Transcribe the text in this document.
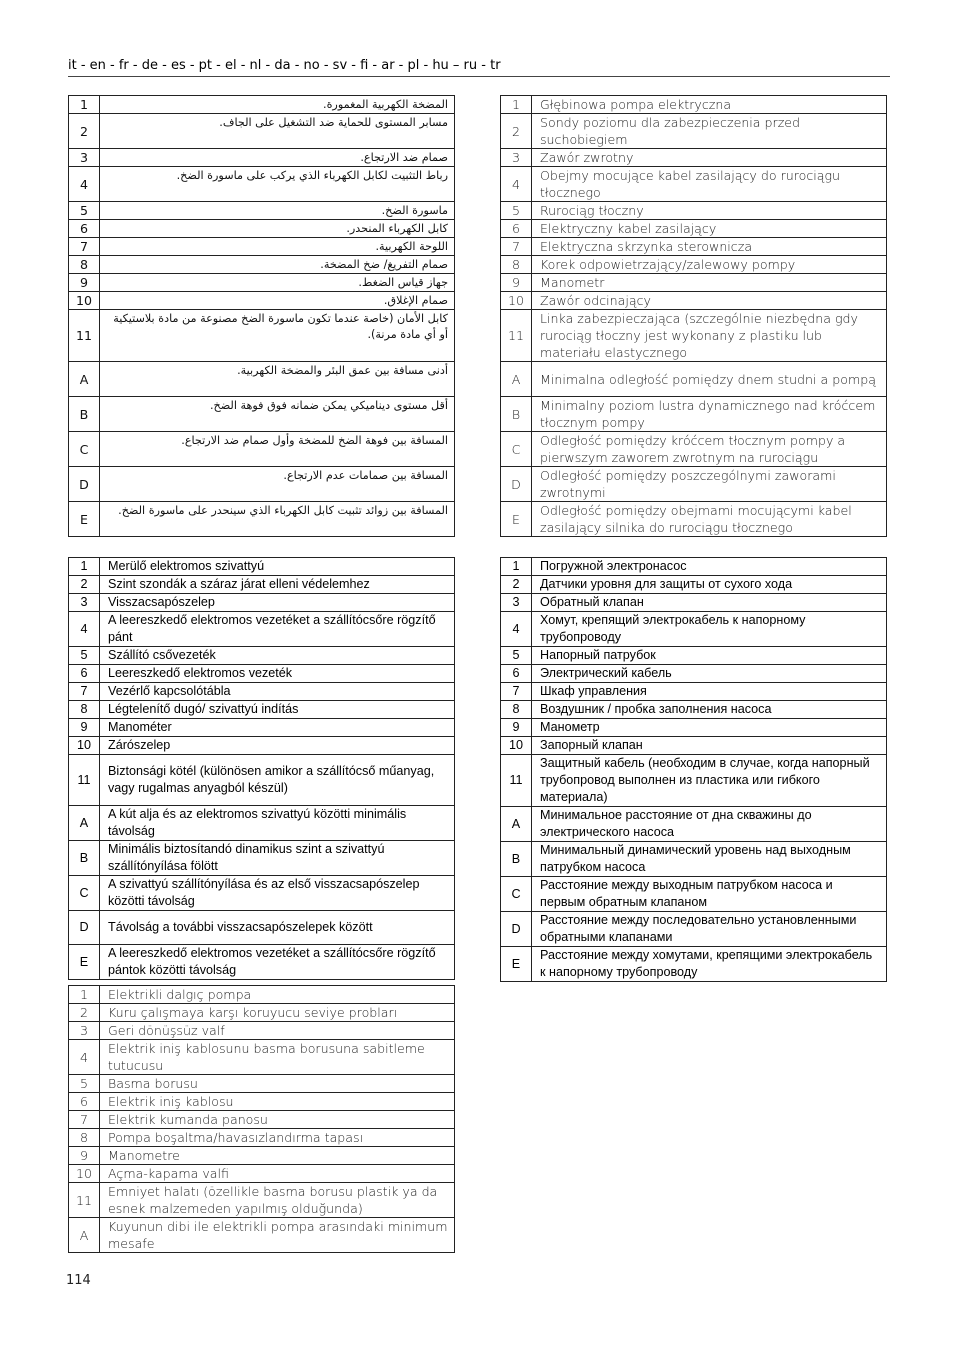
it - en - fr - de - es - pt - el - nl - da - no - sv - fi - ar - pl - hu – ru - tr
1	المضخة الكهربية المغمورة.
2	مسابر المستوى للحماية ضد التشغيل على الجاف.
3	صمام ضد الارتجاع.
4	رباط التثبيت لكابل الكهرباء الذي يركب على ماسورة الضخ.
5	ماسورة الضخ.
6	كابل الكهرباء المنحدر.
7	اللوحة الكهربية.
8	صمام التفريغ/ ضخ المضخة.
9	جهاز قياس الضغط.
10	صمام الإغلاق.
11	كابل الأمان (خاصة عندما تكون ماسورة الضخ مصنوعة من مادة بلاستيكية أو أي مادة مرنة).
A	أدنى مسافة بين عمق البئر والمضخة الكهربية.
B	أقل مستوى ديناميكي يمكن ضمانه فوق فوهة الضخ.
C	المسافة بين فوهة الضخ للمضخة وأول صمام ضد الارتجاع.
D	المسافة بين صمامات عدم الارتجاع.
E	المسافة بين زوائد تثبيت كابل الكهرباء الذي سينحدر على ماسورة الضخ.
1	Głębinowa pompa elektryczna
2	Sondy poziomu dla zabezpieczenia przed suchobiegiem
3	Zawór zwrotny
4	Obejmy mocujące kabel zasilający do rurociągu tłocznego
5	Rurociąg tłoczny
6	Elektryczny kabel zasilający
7	Elektryczna skrzynka sterownicza
8	Korek odpowietrzający/zalewowy pompy
9	Manometr
10	Zawór odcinający
11	Linka zabezpieczająca (szczególnie niezbędna gdy rurociąg tłoczny jest wykonany z plastiku lub materiału elastycznego
A	Minimalna odległość pomiędzy dnem studni a pompą
B	Minimalny poziom lustra dynamicznego nad króćcem tłocznym pompy
C	Odległość pomiędzy króćcem tłocznym pompy a pierwszym zaworem zwrotnym na rurociągu
D	Odległość pomiędzy poszczególnymi zaworami zwrotnymi
E	Odległość pomiędzy obejmami mocującymi kabel zasilający silnika do rurociągu tłocznego
1	Merülő elektromos szivattyú
2	Szint szondák a száraz járat elleni védelemhez
3	Visszacsapószelep
4	A leereszkedő elektromos vezetéket a szállítócsőre rögzítő pánt
5	Szállító csővezeték
6	Leereszkedő elektromos vezeték
7	Vezérlő kapcsolótábla
8	Légtelenítő dugó/ szivattyú indítás
9	Manométer
10	Zárószelep
11	Biztonsági kötél (különösen amikor a szállítócső műanyag, vagy rugalmas anyagból készül)
A	A kút alja és az elektromos szivattyú közötti minimális távolság
B	Minimális biztosítandó dinamikus szint a szivattyú szállítónyílása fölött
C	A szivattyú szállítónyílása és az első visszacsapószelep közötti távolság
D	Távolság a további visszacsapószelepek között
E	A leereszkedő elektromos vezetéket a szállítócsőre rögzítő pántok közötti távolság
1	Погружной электронасос
2	Датчики уровня для защиты от сухого хода
3	Обратный клапан
4	Хомут, крепящий электрокабель к напорному трубопроводу
5	Напорный патрубок
6	Электрический кабель
7	Шкаф управления
8	Воздушник / пробка заполнения насоса
9	Манометр
10	Запорный клапан
11	Защитный кабель (необходим в случае, когда напорный трубопровод выполнен из пластика или гибкого материала)
A	Минимальное расстояние от дна скважины до электрического насоса
B	Минимальный динамический уровень над выходным патрубком насоса
C	Расстояние между выходным патрубком насоса и первым обратным клапаном
D	Расстояние между последовательно установленными обратными клапанами
E	Расстояние между хомутами, крепящими электрокабель к напорному трубопроводу
1	Elektrikli dalgıç pompa
2	Kuru çalışmaya karşı koruyucu seviye probları
3	Geri dönüşsüz valf
4	Elektrik iniş kablosunu basma borusuna sabitleme tutucusu
5	Basma borusu
6	Elektrik iniş kablosu
7	Elektrik kumanda panosu
8	Pompa boşaltma/havasızlandırma tapası
9	Manometre
10	Açma-kapama valfi
11	Emniyet halatı (özellikle basma borusu plastik ya da esnek malzemeden yapılmış olduğunda)
A	Kuyunun dibi ile elektrikli pompa arasındaki minimum mesafe
114
